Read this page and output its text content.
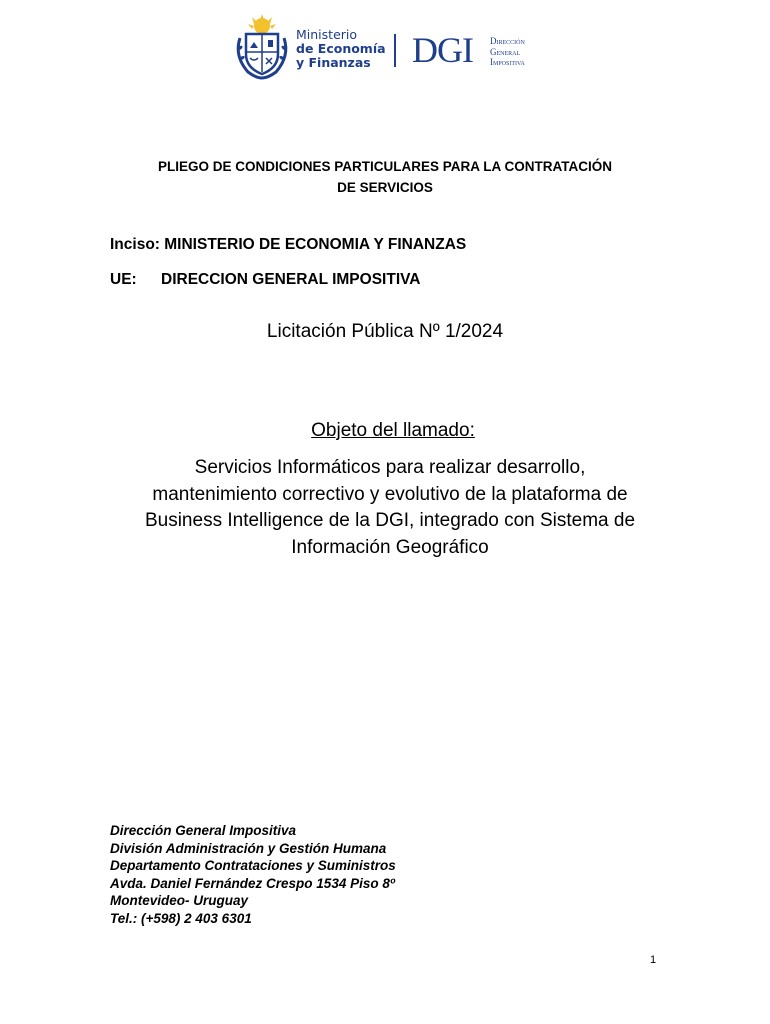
Ministerio
de Economía
y Finanzas	DGI Dirección
General
Impositiva
PLIEGO DE CONDICIONES PARTICULARES PARA LA CONTRATACIÓN
DE SERVICIOS
Inciso: MINISTERIO DE ECONOMIA Y FINANZAS
UE: DIRECCION GENERAL IMPOSITIVA
Licitación Pública Nº 1/2024
Objeto del llamado:
Servicios Informáticos para realizar desarrollo,
mantenimiento correctivo y evolutivo de la plataforma de
Business Intelligence de la DGI, integrado con Sistema de
Información Geográfico
Dirección General Impositiva
División Administración y Gestión Humana
Departamento Contrataciones y Suministros
Avda. Daniel Fernández Crespo 1534 Piso 8º
Montevideo- Uruguay
Tel.: (+598) 2 403 6301
1
